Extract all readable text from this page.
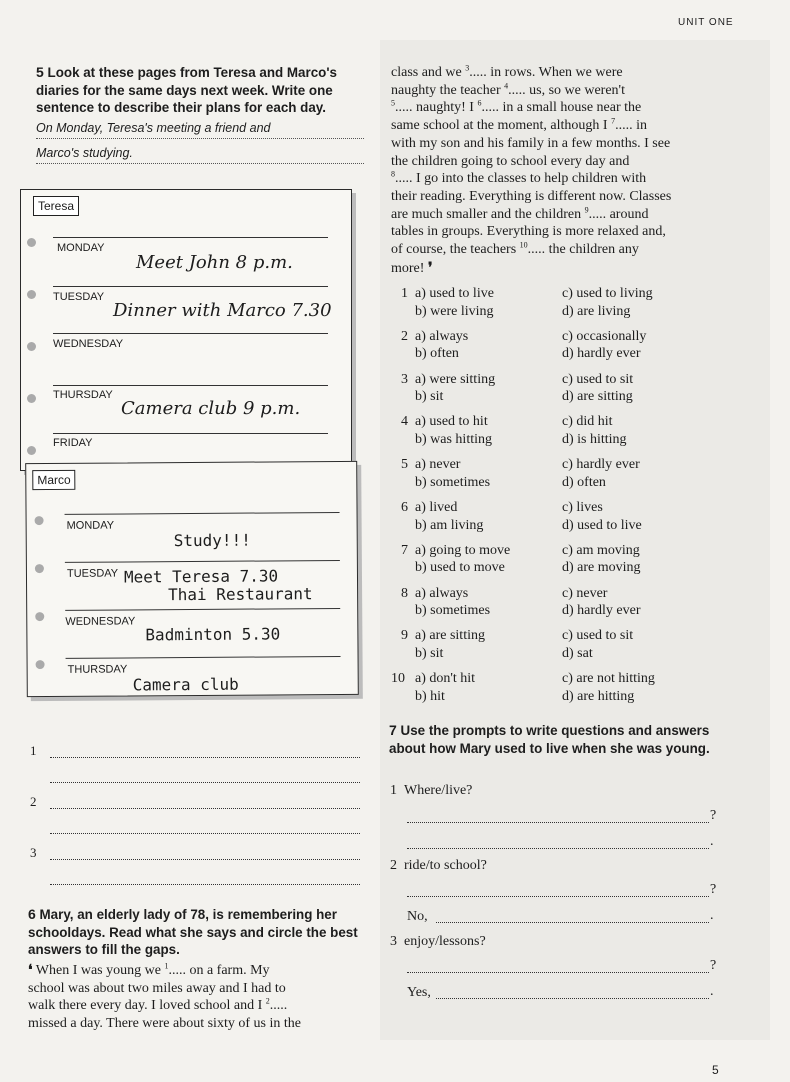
UNIT ONE
5
5 Look at these pages from Teresa and Marco's diaries for the same days next week. Write one sentence to describe their plans for each day.
On Monday, Teresa's meeting a friend and
Marco's studying.
Teresa
MONDAY
Meet John 8 p.m.
TUESDAY
Dinner with Marco 7.30
WEDNESDAY
THURSDAY
Camera club 9 p.m.
FRIDAY
Marco
MONDAY
Study!!!
TUESDAY Meet Teresa 7.30
Thai Restaurant
WEDNESDAY
Badminton 5.30
THURSDAY
Camera club
1
2
3
6 Mary, an elderly lady of 78, is remembering her schooldays. Read what she says and circle the best answers to fill the gaps.
❛ When I was young we $^1$..... on a farm. My
school was about two miles away and I had to
walk there every day. I loved school and I $^2$.....
missed a day. There were about sixty of us in the
class and we $^3$..... in rows. When we were
naughty the teacher $^4$..... us, so we weren't
$^5$..... naughty! I $^6$..... in a small house near the
same school at the moment, although I $^7$..... in
with my son and his family in a few months. I see
the children going to school every day and
$^8$..... I go into the classes to help children with
their reading. Everything is different now. Classes
are much smaller and the children $^9$..... around
tables in groups. Everything is more relaxed and,
of course, the teachers $^{10}$..... the children any
more! ❜
1 a) used to live
b) were living
c) used to living
d) are living
2 a) always
b) often
c) occasionally
d) hardly ever
3 a) were sitting
b) sit
c) used to sit
d) are sitting
4 a) used to hit
b) was hitting
c) did hit
d) is hitting
5 a) never
b) sometimes
c) hardly ever
d) often
6 a) lived
b) am living
c) lives
d) used to live
7 a) going to move
b) used to move
c) am moving
d) are moving
8 a) always
b) sometimes
c) never
d) hardly ever
9 a) are sitting
b) sit
c) used to sit
d) sat
10 a) don't hit
b) hit
c) are not hitting
d) are hitting
7 Use the prompts to write questions and answers about how Mary used to live when she was young.
1 Where/live?
?
.
2 ride/to school?
?
No,	.
3 enjoy/lessons?
?
Yes,	.
